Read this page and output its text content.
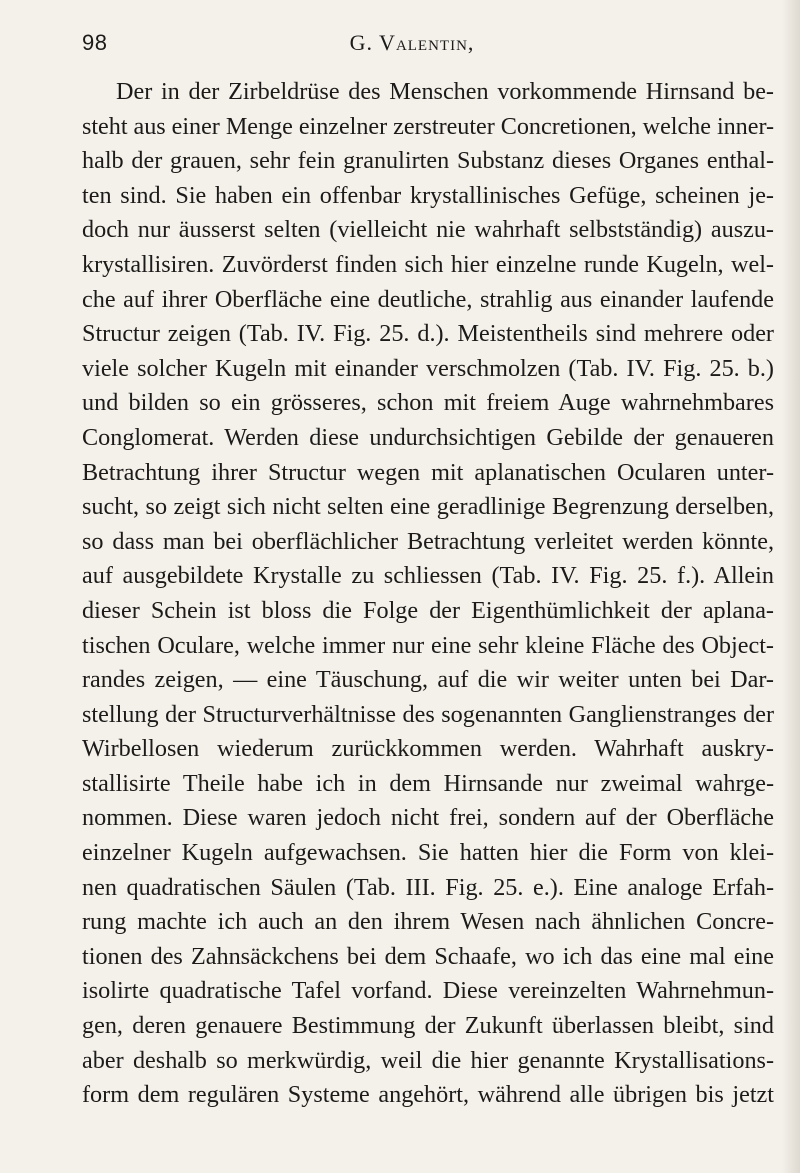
98	G. Valentin,
Der in der Zirbeldrüse des Menschen vorkommende Hirnsand be-
steht aus einer Menge einzelner zerstreuter Concretionen, welche inner-
halb der grauen, sehr fein granulirten Substanz dieses Organes enthal-
ten sind. Sie haben ein offenbar krystallinisches Gefüge, scheinen je-
doch nur äusserst selten (vielleicht nie wahrhaft selbstständig) auszu-
krystallisiren. Zuvörderst finden sich hier einzelne runde Kugeln, wel-
che auf ihrer Oberfläche eine deutliche, strahlig aus einander laufende
Structur zeigen (Tab. IV. Fig. 25. d.). Meistentheils sind mehrere oder
viele solcher Kugeln mit einander verschmolzen (Tab. IV. Fig. 25. b.)
und bilden so ein grösseres, schon mit freiem Auge wahrnehmbares
Conglomerat. Werden diese undurchsichtigen Gebilde der genaueren
Betrachtung ihrer Structur wegen mit aplanatischen Ocularen unter-
sucht, so zeigt sich nicht selten eine geradlinige Begrenzung derselben,
so dass man bei oberflächlicher Betrachtung verleitet werden könnte,
auf ausgebildete Krystalle zu schliessen (Tab. IV. Fig. 25. f.). Allein
dieser Schein ist bloss die Folge der Eigenthümlichkeit der aplana-
tischen Oculare, welche immer nur eine sehr kleine Fläche des Object-
randes zeigen, — eine Täuschung, auf die wir weiter unten bei Dar-
stellung der Structurverhältnisse des sogenannten Ganglienstranges der
Wirbellosen wiederum zurückkommen werden. Wahrhaft auskry-
stallisirte Theile habe ich in dem Hirnsande nur zweimal wahrge-
nommen. Diese waren jedoch nicht frei, sondern auf der Oberfläche
einzelner Kugeln aufgewachsen. Sie hatten hier die Form von klei-
nen quadratischen Säulen (Tab. III. Fig. 25. e.). Eine analoge Erfah-
rung machte ich auch an den ihrem Wesen nach ähnlichen Concre-
tionen des Zahnsäckchens bei dem Schaafe, wo ich das eine mal eine
isolirte quadratische Tafel vorfand. Diese vereinzelten Wahrnehmun-
gen, deren genauere Bestimmung der Zukunft überlassen bleibt, sind
aber deshalb so merkwürdig, weil die hier genannte Krystallisations-
form dem regulären Systeme angehört, während alle übrigen bis jetzt
